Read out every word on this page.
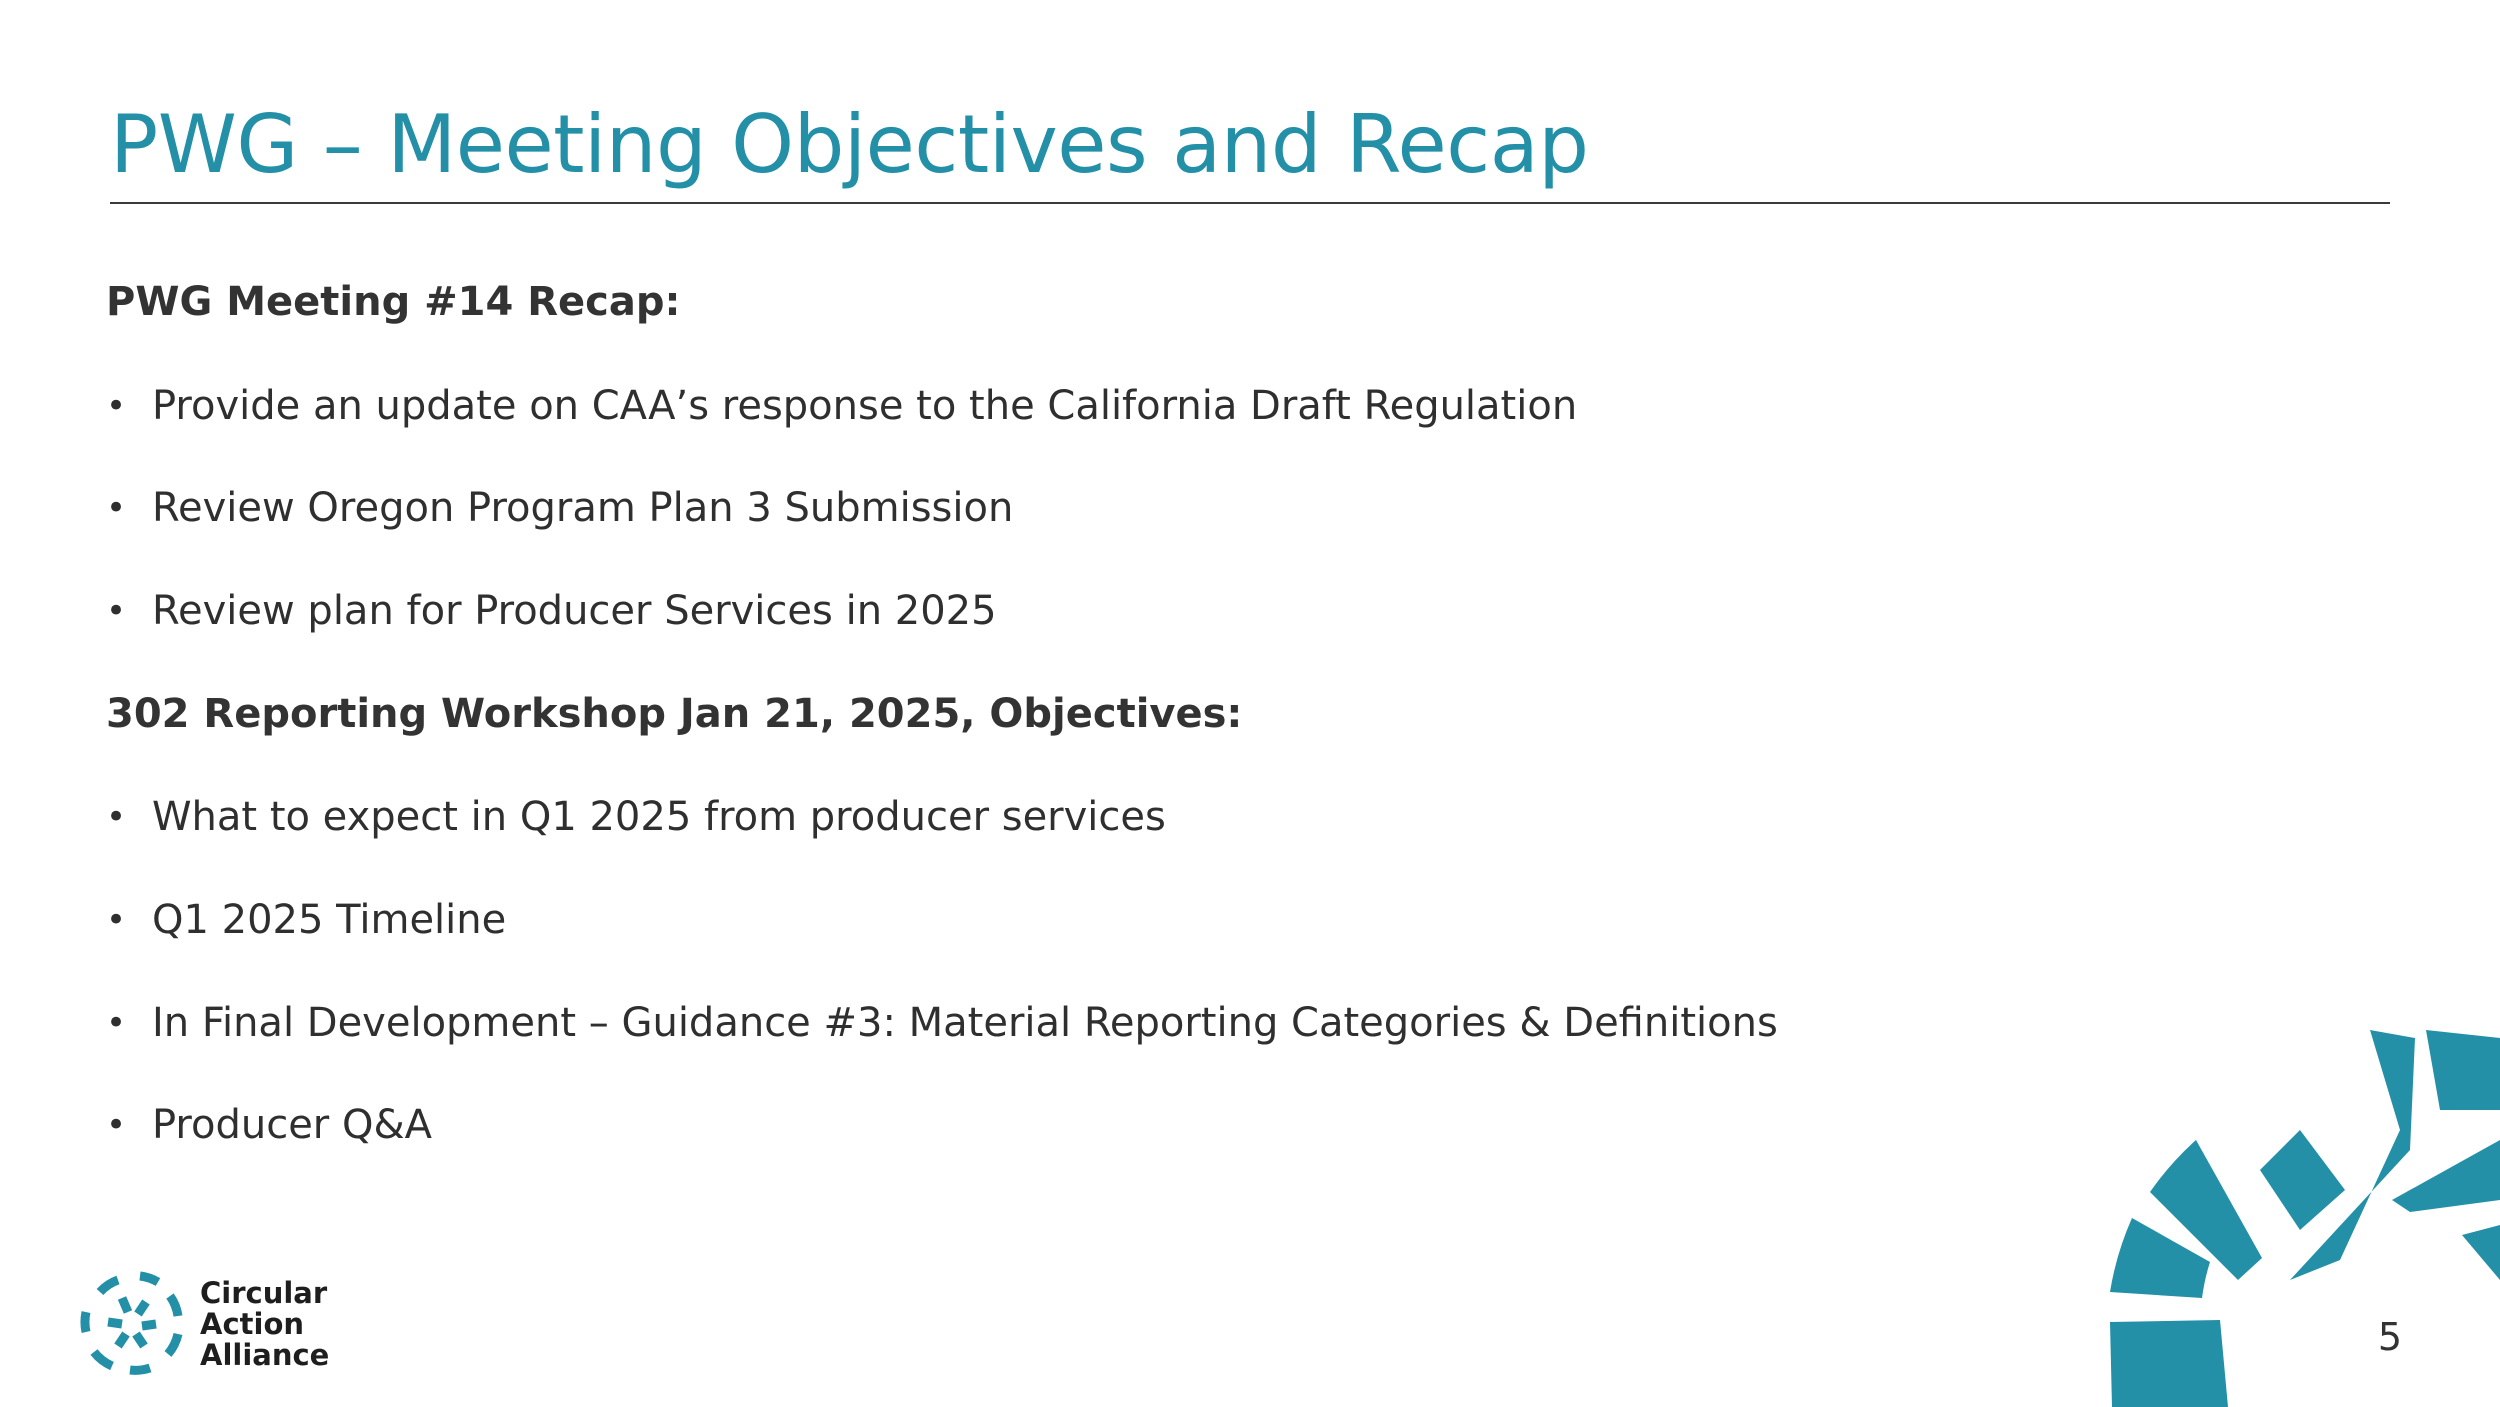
PWG – Meeting Objectives and Recap
PWG Meeting #14 Recap:
• Provide an update on CAA’s response to the California Draft Regulation
• Review Oregon Program Plan 3 Submission
• Review plan for Producer Services in 2025
302 Reporting Workshop Jan 21, 2025, Objectives:
• What to expect in Q1 2025 from producer services
• Q1 2025 Timeline
• In Final Development – Guidance #3: Material Reporting Categories & Definitions
• Producer Q&A
Circular
Action
Alliance	5
